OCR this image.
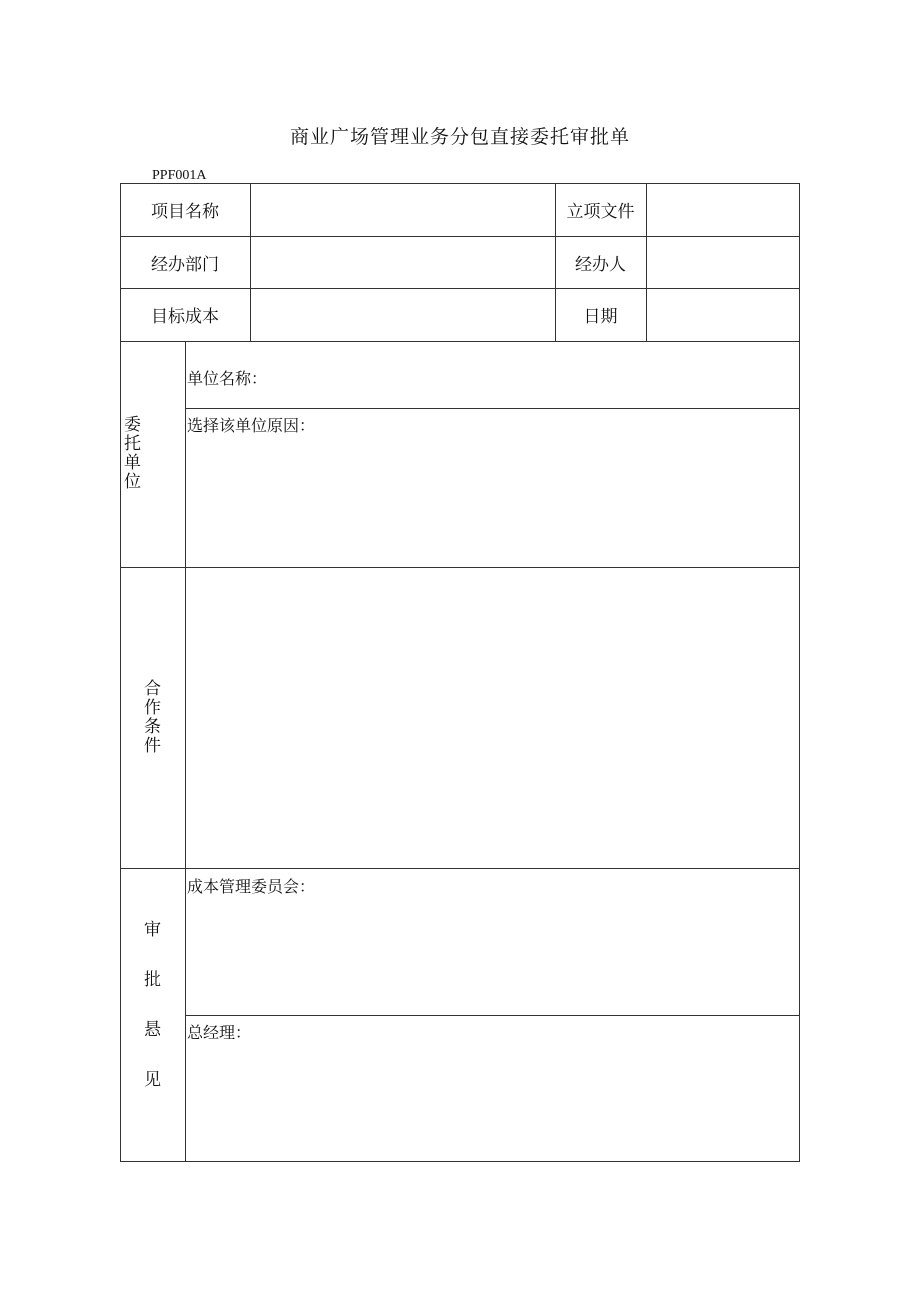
商业广场管理业务分包直接委托审批单
PPF001A
项目名称	立项文件
经办部门	经办人
目标成本	日期
委
托
单
位
单位名称：
选择该单位原因：
合
作
条
件
审
批
悬
见
成本管理委员会：
总经理：
